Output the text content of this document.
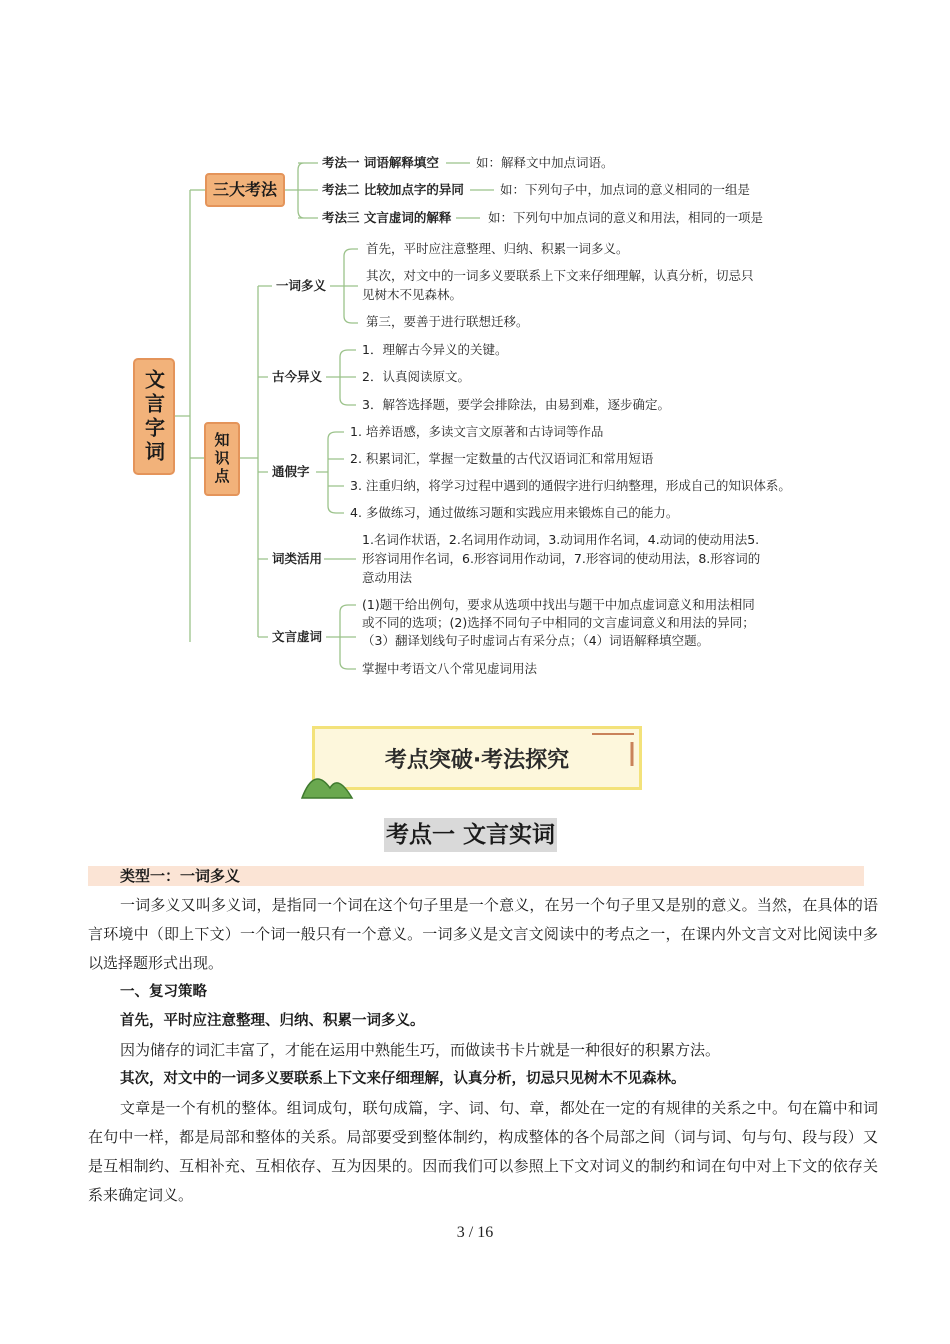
文言字词
三大考法
知识点
考法一 词语解释填空	如：解释文中加点词语。
考法二 比较加点字的异同	如：下列句子中，加点词的意义相同的一组是
考法三 文言虚词的解释	如：下列句中加点词的意义和用法，相同的一项是
一词多义
首先，平时应注意整理、归纳、积累一词多义。
其次，对文中的一词多义要联系上下文来仔细理解，认真分析，切忌只
见树木不见森林。
第三，要善于进行联想迁移。
古今异义
1．理解古今异义的关键。
2．认真阅读原文。
3．解答选择题，要学会排除法，由易到难，逐步确定。
通假字
1. 培养语感，多读文言文原著和古诗词等作品
2. 积累词汇，掌握一定数量的古代汉语词汇和常用短语
3. 注重归纳，将学习过程中遇到的通假字进行归纳整理，形成自己的知识体系。
4. 多做练习，通过做练习题和实践应用来锻炼自己的能力。
词类活用
1.名词作状语，2.名词用作动词，3.动词用作名词，4.动词的使动用法5.
形容词用作名词，6.形容词用作动词，7.形容词的使动用法，8.形容词的
意动用法
文言虚词
(1)题干给出例句，要求从选项中找出与题干中加点虚词意义和用法相同
或不同的选项；(2)选择不同句子中相同的文言虚词意义和用法的异同；
（3）翻译划线句子时虚词占有采分点；（4）词语解释填空题。
掌握中考语文八个常见虚词用法
考点突破·考法探究
考点一 文言实词
类型一：一词多义
一词多义又叫多义词，是指同一个词在这个句子里是一个意义，在另一个句子里又是别的意义。当然，在具体的语言环境中（即上下文）一个词一般只有一个意义。一词多义是文言文阅读中的考点之一，在课内外文言文对比阅读中多以选择题形式出现。
一、复习策略
首先，平时应注意整理、归纳、积累一词多义。
因为储存的词汇丰富了，才能在运用中熟能生巧，而做读书卡片就是一种很好的积累方法。
其次，对文中的一词多义要联系上下文来仔细理解，认真分析，切忌只见树木不见森林。
文章是一个有机的整体。组词成句，联句成篇，字、词、句、章，都处在一定的有规律的关系之中。句在篇中和词在句中一样，都是局部和整体的关系。局部要受到整体制约，构成整体的各个局部之间（词与词、句与句、段与段）又是互相制约、互相补充、互相依存、互为因果的。因而我们可以参照上下文对词义的制约和词在句中对上下文的依存关系来确定词义。
3 / 16
